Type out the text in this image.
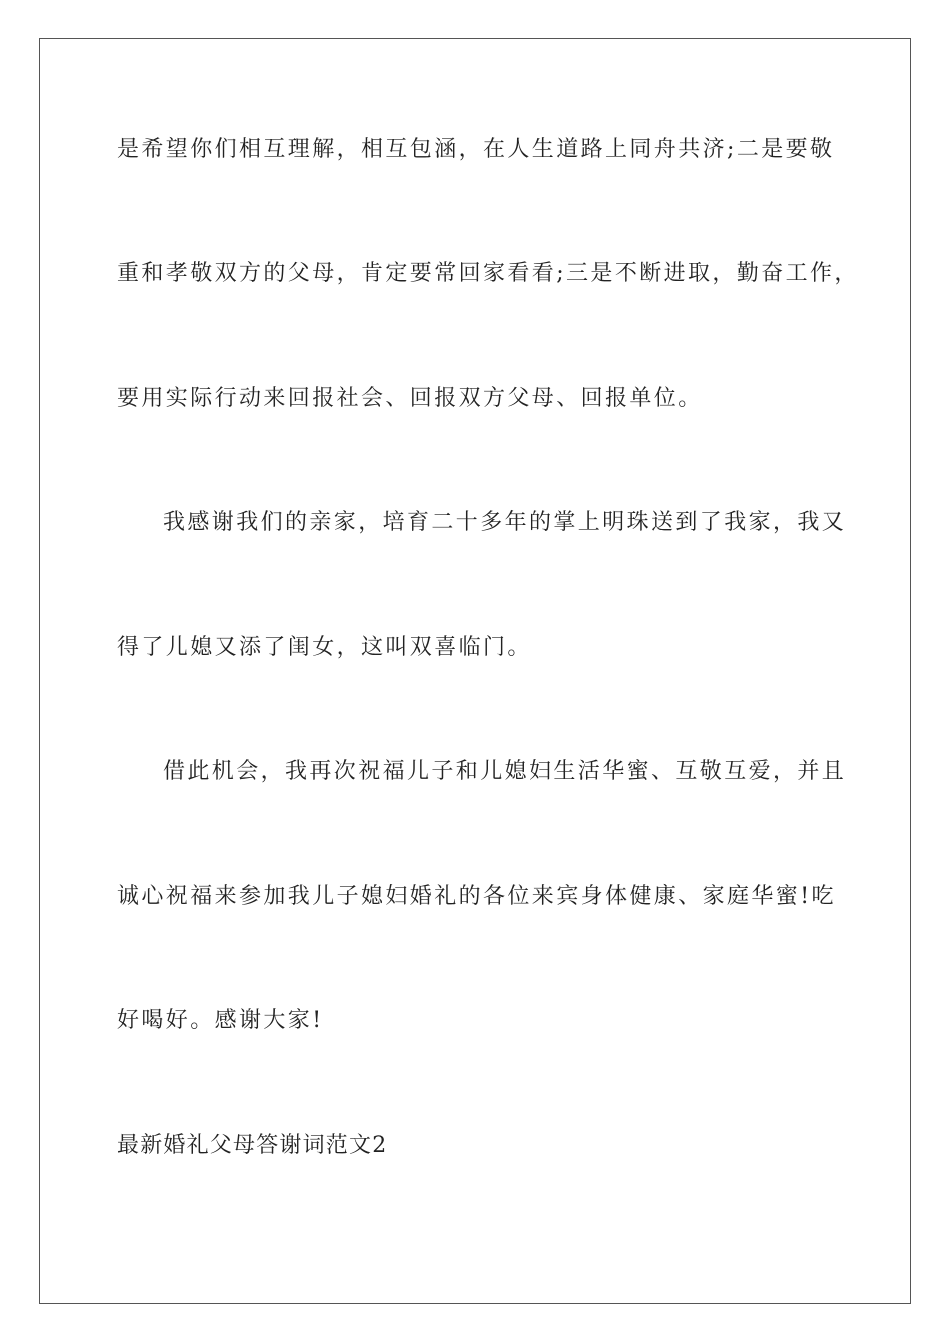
是希望你们相互理解，相互包涵，在人生道路上同舟共济;二是要敬
重和孝敬双方的父母，肯定要常回家看看;三是不断进取，勤奋工作，
要用实际行动来回报社会、回报双方父母、回报单位。
我感谢我们的亲家，培育二十多年的掌上明珠送到了我家，我又
得了儿媳又添了闺女，这叫双喜临门。
借此机会，我再次祝福儿子和儿媳妇生活华蜜、互敬互爱，并且
诚心祝福来参加我儿子媳妇婚礼的各位来宾身体健康、家庭华蜜!吃
好喝好。感谢大家!
最新婚礼父母答谢词范文2
